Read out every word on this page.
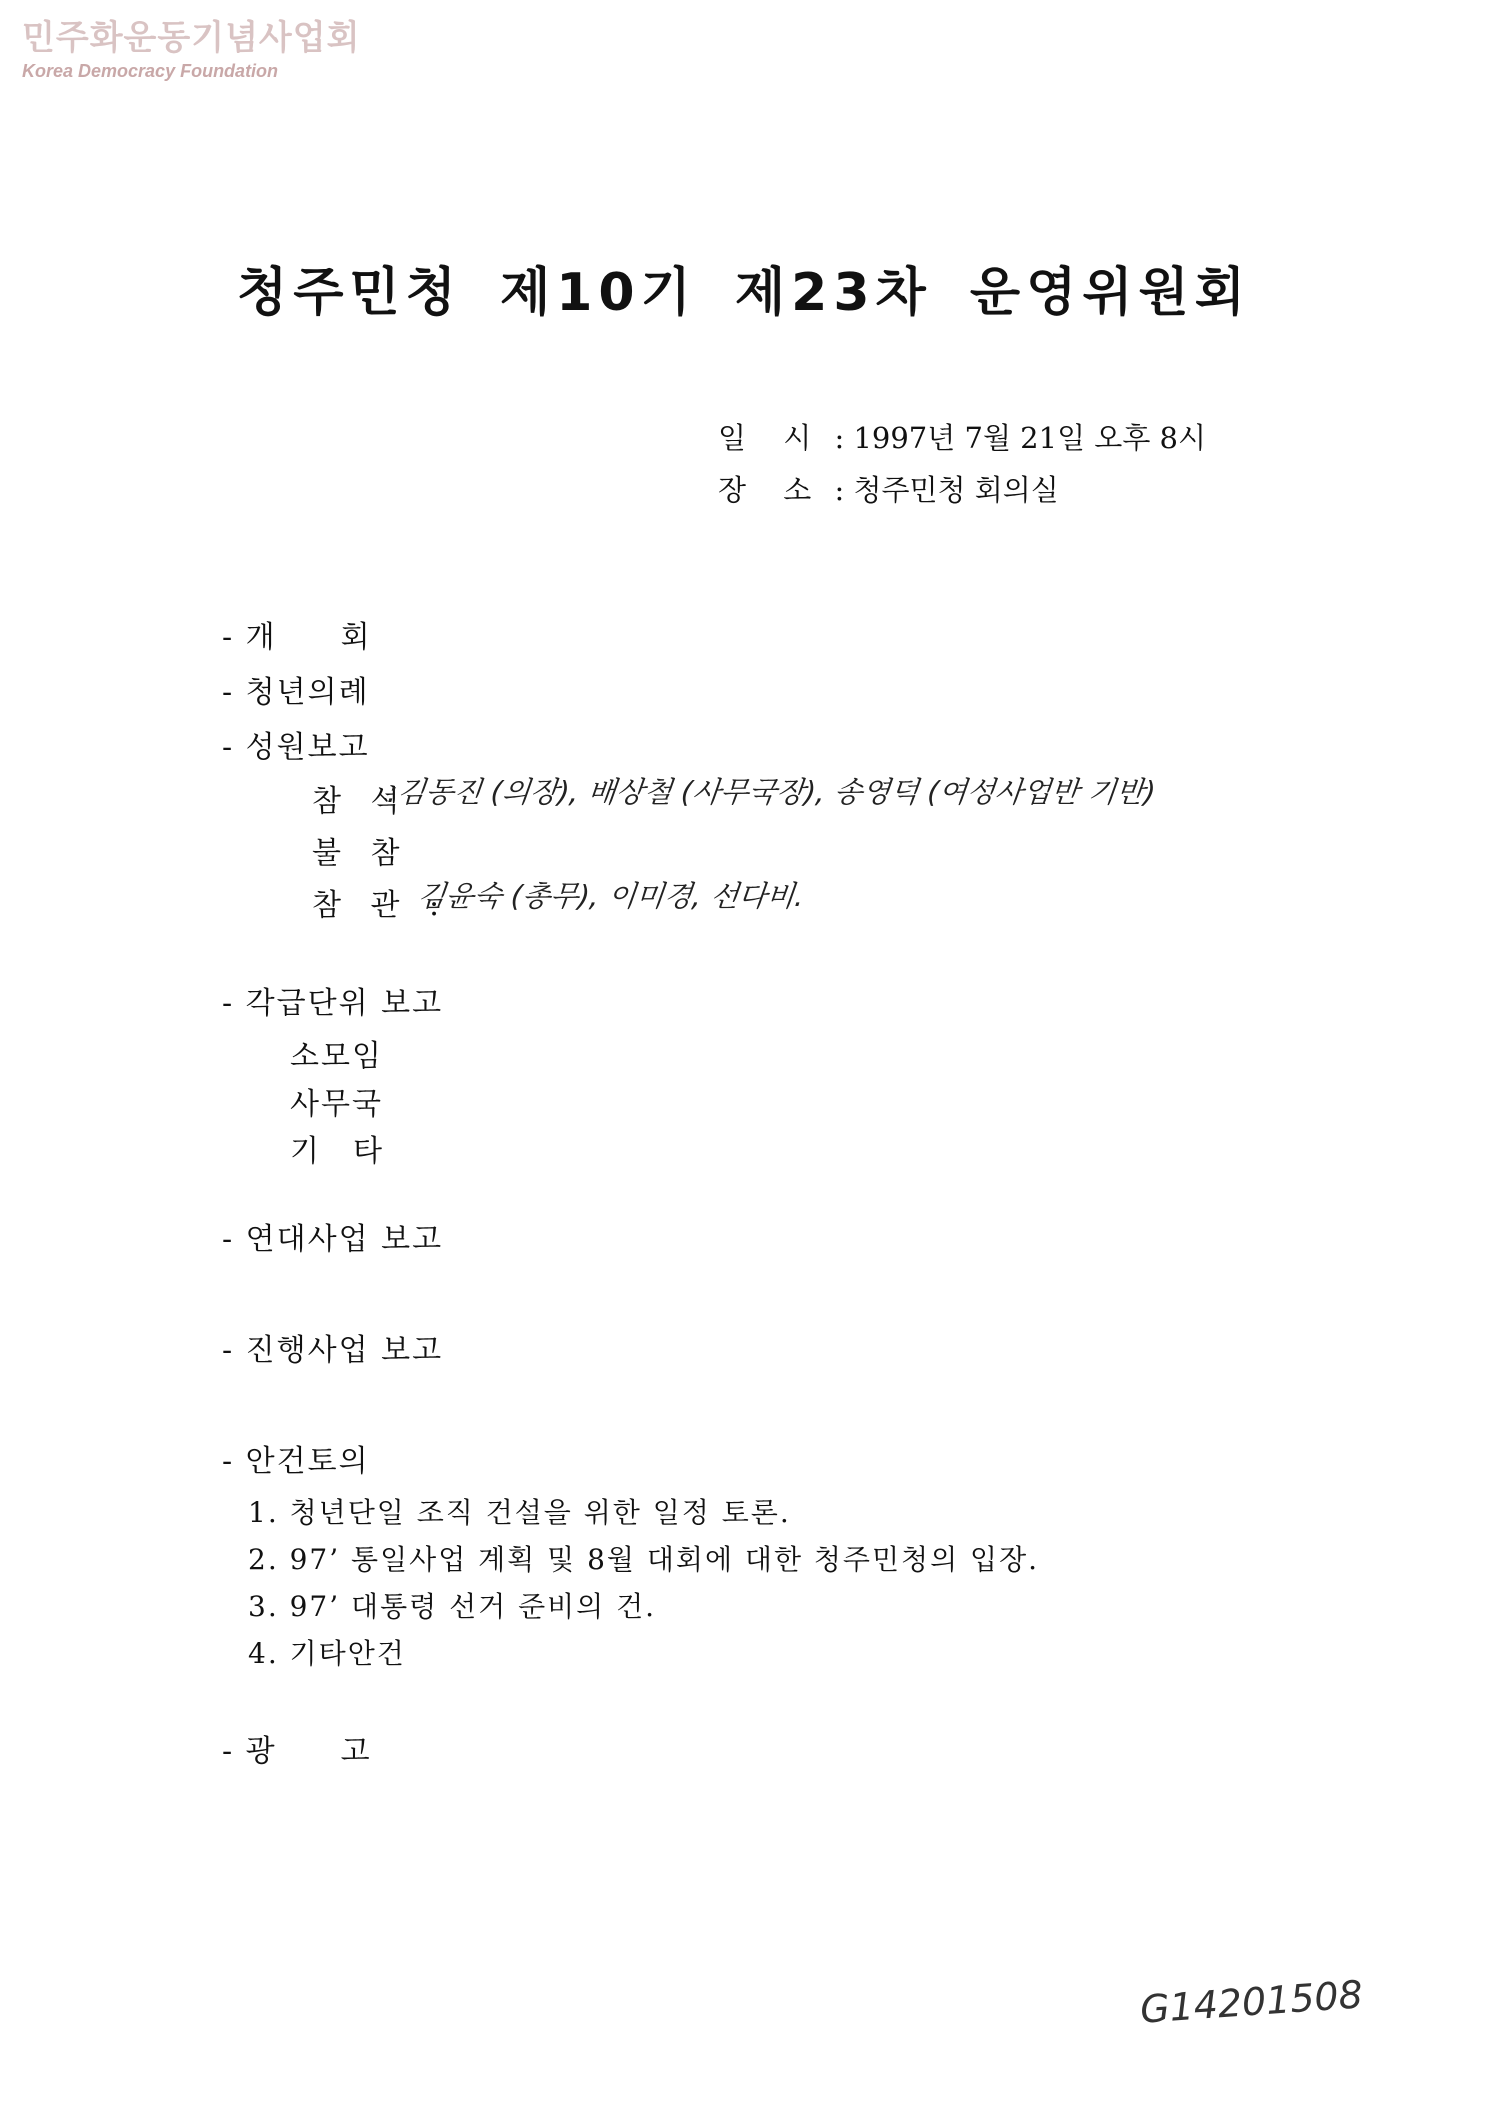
민주화운동기념사업회
Korea Democracy Foundation
청주민청 제10기 제23차 운영위원회
일 시 : 1997년 7월 21일 오후 8시
장 소 : 청주민청 회의실
- 개　　회
- 청년의례
- 성원보고
참 석
:김동진 (의장), 배상철 (사무국장), 송영덕 (여성사업반 기반)
불 참
참 관 :
김윤숙 (총무), 이미경, 선다비.
- 각급단위 보고
소모임
사무국
기　타
- 연대사업 보고
- 진행사업 보고
- 안건토의
1. 청년단일 조직 건설을 위한 일정 토론.
2. 97’ 통일사업 계획 및 8월 대회에 대한 청주민청의 입장.
3. 97’ 대통령 선거 준비의 건.
4. 기타안건
- 광　　고
G14201508
